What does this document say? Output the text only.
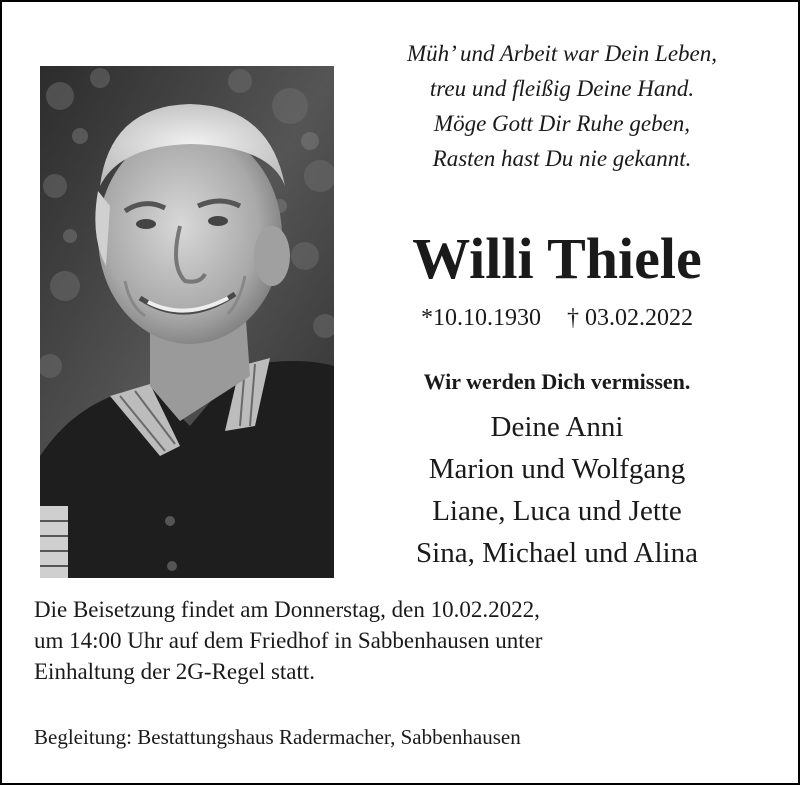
Müh’ und Arbeit war Dein Leben,
treu und fleißig Deine Hand.
Möge Gott Dir Ruhe geben,
Rasten hast Du nie gekannt.
Willi Thiele
*10.10.1930 † 03.02.2022
Wir werden Dich vermissen.
Deine Anni
Marion und Wolfgang
Liane, Luca und Jette
Sina, Michael und Alina
Die Beisetzung findet am Donnerstag, den 10.02.2022,
um 14:00 Uhr auf dem Friedhof in Sabbenhausen unter
Einhaltung der 2G-Regel statt.
Begleitung: Bestattungshaus Radermacher, Sabbenhausen
